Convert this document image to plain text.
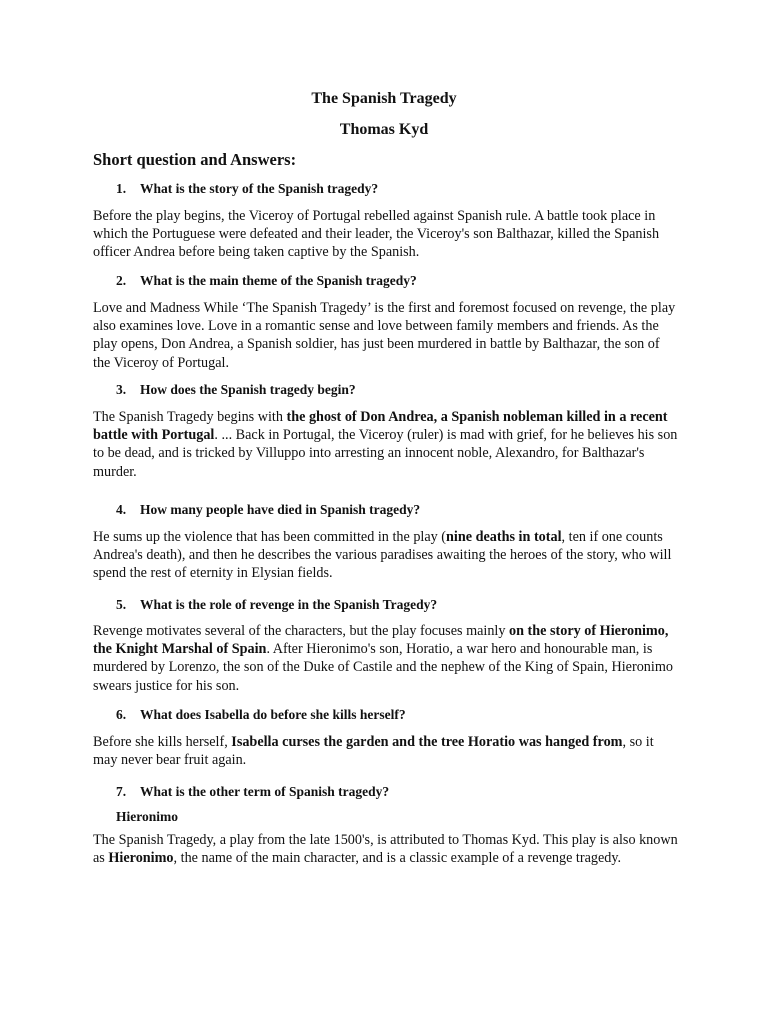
The Spanish Tragedy
Thomas Kyd
Short question and Answers:
1. What is the story of the Spanish tragedy?
Before the play begins, the Viceroy of Portugal rebelled against Spanish rule. A battle took place in which the Portuguese were defeated and their leader, the Viceroy's son Balthazar, killed the Spanish officer Andrea before being taken captive by the Spanish.
2. What is the main theme of the Spanish tragedy?
Love and Madness While ‘The Spanish Tragedy’ is the first and foremost focused on revenge, the play also examines love. Love in a romantic sense and love between family members and friends. As the play opens, Don Andrea, a Spanish soldier, has just been murdered in battle by Balthazar, the son of the Viceroy of Portugal.
3. How does the Spanish tragedy begin?
The Spanish Tragedy begins with the ghost of Don Andrea, a Spanish nobleman killed in a recent battle with Portugal. ... Back in Portugal, the Viceroy (ruler) is mad with grief, for he believes his son to be dead, and is tricked by Villuppo into arresting an innocent noble, Alexandro, for Balthazar's murder.
4. How many people have died in Spanish tragedy?
He sums up the violence that has been committed in the play (nine deaths in total, ten if one counts Andrea's death), and then he describes the various paradises awaiting the heroes of the story, who will spend the rest of eternity in Elysian fields.
5. What is the role of revenge in the Spanish Tragedy?
Revenge motivates several of the characters, but the play focuses mainly on the story of Hieronimo, the Knight Marshal of Spain. After Hieronimo's son, Horatio, a war hero and honourable man, is murdered by Lorenzo, the son of the Duke of Castile and the nephew of the King of Spain, Hieronimo swears justice for his son.
6. What does Isabella do before she kills herself?
Before she kills herself, Isabella curses the garden and the tree Horatio was hanged from, so it may never bear fruit again.
7. What is the other term of Spanish tragedy?
Hieronimo
The Spanish Tragedy, a play from the late 1500's, is attributed to Thomas Kyd. This play is also known as Hieronimo, the name of the main character, and is a classic example of a revenge tragedy.
